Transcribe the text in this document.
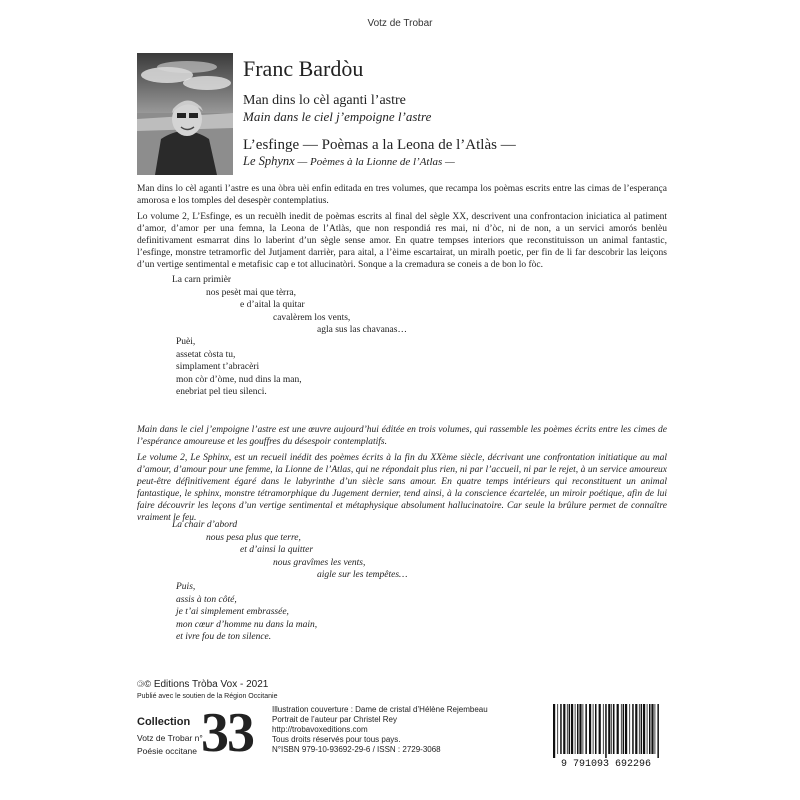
Votz de Trobar
Franc Bardòu
Man dins lo cèl aganti l’astre
Main dans le ciel j’empoigne l’astre
L’esfinge — Poèmas a la Leona de l’Atlàs —
Le Sphynx — Poèmes à la Lionne de l’Atlas —
Man dins lo cèl aganti l’astre es una òbra uèi enfin editada en tres volumes, que recampa los poèmas escrits entre las cimas de l’esperança amorosa e los tomples del desespèr contemplatius.
Lo volume 2, L’Esfinge, es un recuèlh inedit de poèmas escrits al final del sègle XX, descrivent una confrontacion iniciatica al patiment d’amor, d’amor per una femna, la Leona de l’Atlàs, que non respondiá res mai, ni d’òc, ni de non, a un servici amorós benlèu definitivament esmarrat dins lo laberint d’un sègle sense amor. En quatre tempses interiors que reconstituisson un animal fantastic, l’esfinge, monstre tetramorfic del Jutjament darrièr, para aital, a l’èime escartairat, un miralh poetic, per fin de li far descobrir las leiçons d’un vertige sentimental e metafisic cap e tot allucinatòri. Sonque a la cremadura se coneis a de bon lo fòc.
La carn primièr
nos pesèt mai que tèrra,
e d’aital la quitar
cavalèrem los vents,
agla sus las chavanas…
Puèi,
assetat còsta tu,
simplament t’abracèri
mon còr d’òme, nud dins la man,
enebriat pel tieu silenci.
Main dans le ciel j’empoigne l’astre est une œuvre aujourd’hui éditée en trois volumes, qui rassemble les poèmes écrits entre les cimes de l’espérance amoureuse et les gouffres du désespoir contemplatifs.
Le volume 2, Le Sphinx, est un recueil inédit des poèmes écrits à la fin du XXème siècle, décrivant une confrontation initiatique au mal d’amour, d’amour pour une femme, la Lionne de l’Atlas, qui ne répondait plus rien, ni par l’accueil, ni par le rejet, à un service amoureux peut-être définitivement égaré dans le labyrinthe d’un siècle sans amour. En quatre temps intérieurs qui reconstituent un animal fantastique, le sphinx, monstre tétramorphique du Jugement dernier, tend ainsi, à la conscience écartelée, un miroir poétique, afin de lui faire découvrir les leçons d’un vertige sentimental et métaphysique absolument hallucinatoire. Car seule la brûlure permet de connaître vraiment le feu.
La chair d’abord
nous pesa plus que terre,
et d’ainsi la quitter
nous gravîmes les vents,
aigle sur les tempêtes…
Puis,
assis à ton côté,
je t’ai simplement embrassée,
mon cœur d’homme nu dans la main,
et ivre fou de ton silence.
🄯© Editions Tròba Vox - 2021
Publié avec le soutien de la Région Occitanie
Collection
Votz de Trobar n°
Poésie occitane 33 Illustration couverture : Dame de cristal d’Hélène Rejembeau
Portrait de l’auteur par Christel Rey
http://trobavoxeditions.com
Tous droits réservés pour tous pays.
N°ISBN 979-10-93692-29-6 / ISSN : 2729-3068
9 791093 692296
